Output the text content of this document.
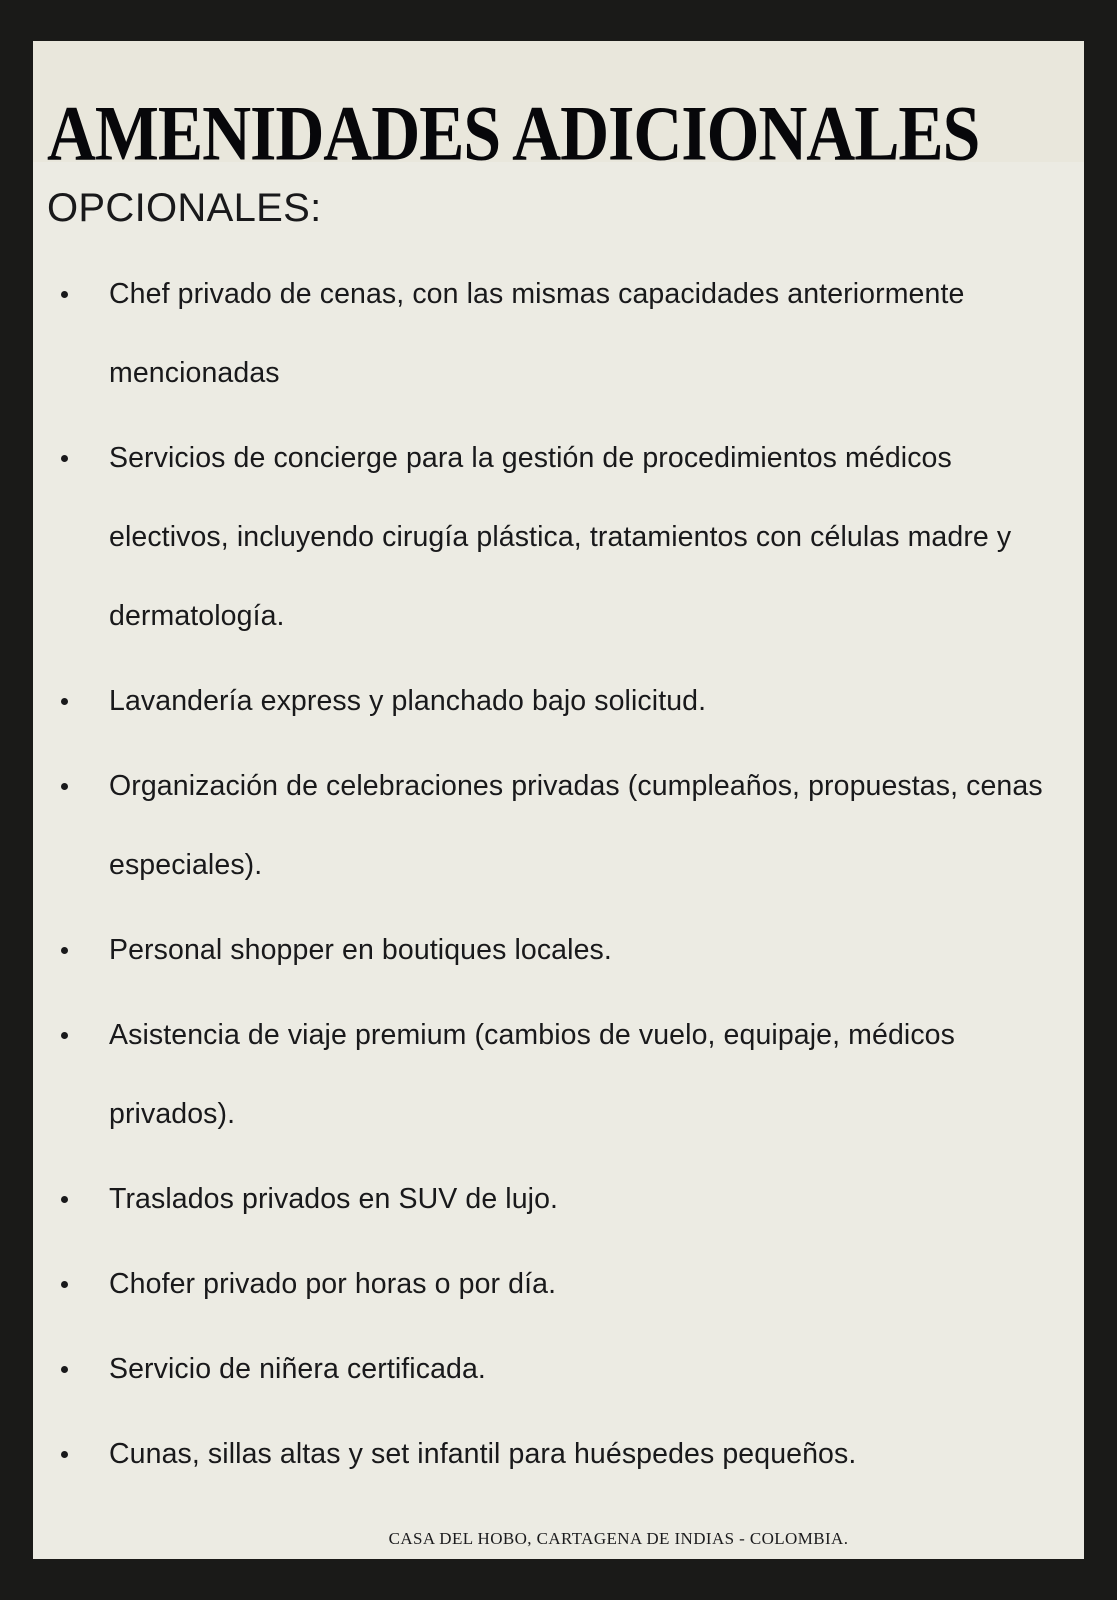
AMENIDADES ADICIONALES
OPCIONALES:
Chef privado de cenas, con las mismas capacidades anteriormente mencionadas
Servicios de concierge para la gestión de procedimientos médicos electivos, incluyendo cirugía plástica, tratamientos con células madre y dermatología.
Lavandería express y planchado bajo solicitud.
Organización de celebraciones privadas (cumpleaños, propuestas, cenas especiales).
Personal shopper en boutiques locales.
Asistencia de viaje premium (cambios de vuelo, equipaje, médicos privados).
Traslados privados en SUV de lujo.
Chofer privado por horas o por día.
Servicio de niñera certificada.
Cunas, sillas altas y set infantil para huéspedes pequeños.
CASA DEL HOBO, CARTAGENA DE INDIAS - COLOMBIA.
